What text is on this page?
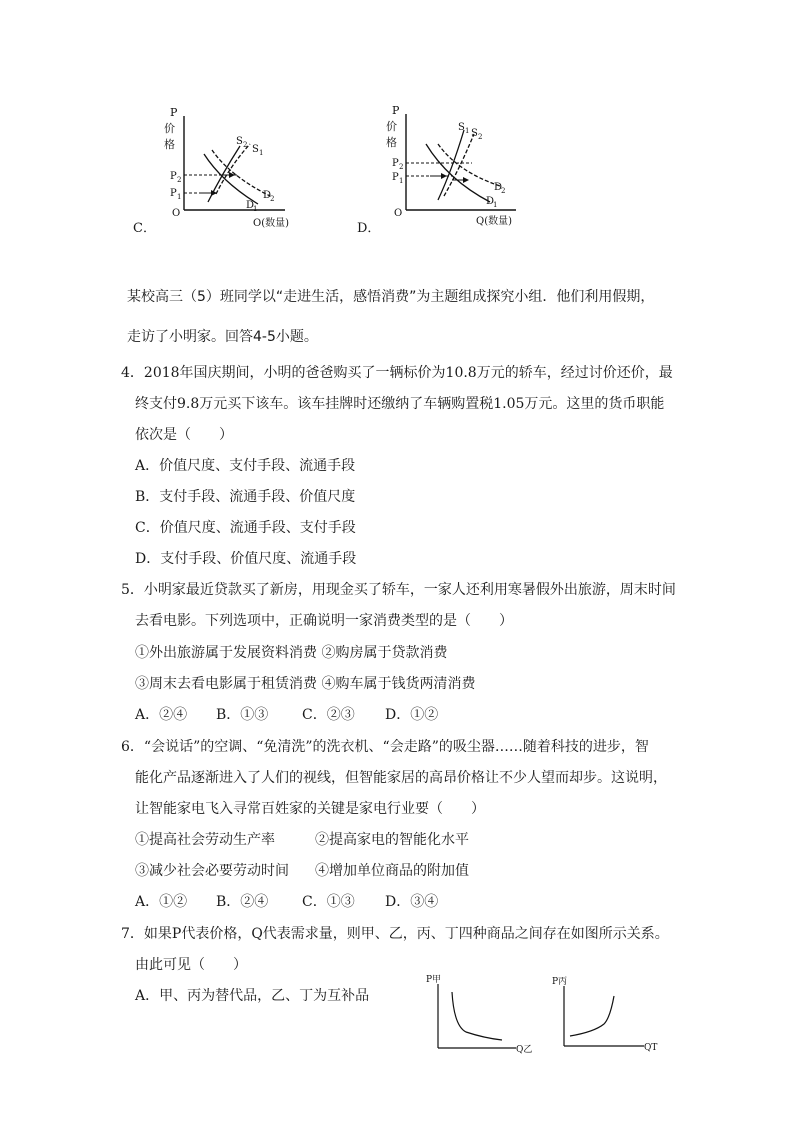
C．
P
价
格
P 2
P 1
O
O(数量)
S 2 S 1
D
2
D
1
D．
P
价
格
P 2
P 1
O
Q(数量)
S 1 S 2
D
2
D
1
某校高三（5）班同学以“走进生活，感悟消费”为主题组成探究小组．他们利用假期，
走访了小明家。回答4-5小题。
4．2018年国庆期间，小明的爸爸购买了一辆标价为10.8万元的轿车，经过讨价还价，最
终支付9.8万元买下该车。该车挂牌时还缴纳了车辆购置税1.05万元。这里的货币职能
依次是（　　）
A．价值尺度、支付手段、流通手段
B．支付手段、流通手段、价值尺度
C．价值尺度、流通手段、支付手段
D．支付手段、价值尺度、流通手段
5．小明家最近贷款买了新房，用现金买了轿车，一家人还利用寒暑假外出旅游，周末时间
去看电影。下列选项中，正确说明一家消费类型的是（　　）
①外出旅游属于发展资料消费 ②购房属于贷款消费
③周末去看电影属于租赁消费 ④购车属于钱货两清消费
A．②④ B．①③ C．②③ D．①②
6．“会说话”的空调、“免清洗”的洗衣机、“会走路”的吸尘器……随着科技的进步，智
能化产品逐渐进入了人们的视线，但智能家居的高昂价格让不少人望而却步。这说明，
让智能家电飞入寻常百姓家的关键是家电行业要（　　）
①提高社会劳动生产率	②提高家电的智能化水平
③减少社会必要劳动时间 ④增加单位商品的附加值
A．①② B．②④ C．①③ D．③④
7．如果P代表价格，Q代表需求量，则甲、乙，丙、丁四种商品之间存在如图所示关系。
由此可见（　　）
A．甲、丙为替代品，乙、丁为互补品
P甲
Q乙
P丙
QT
